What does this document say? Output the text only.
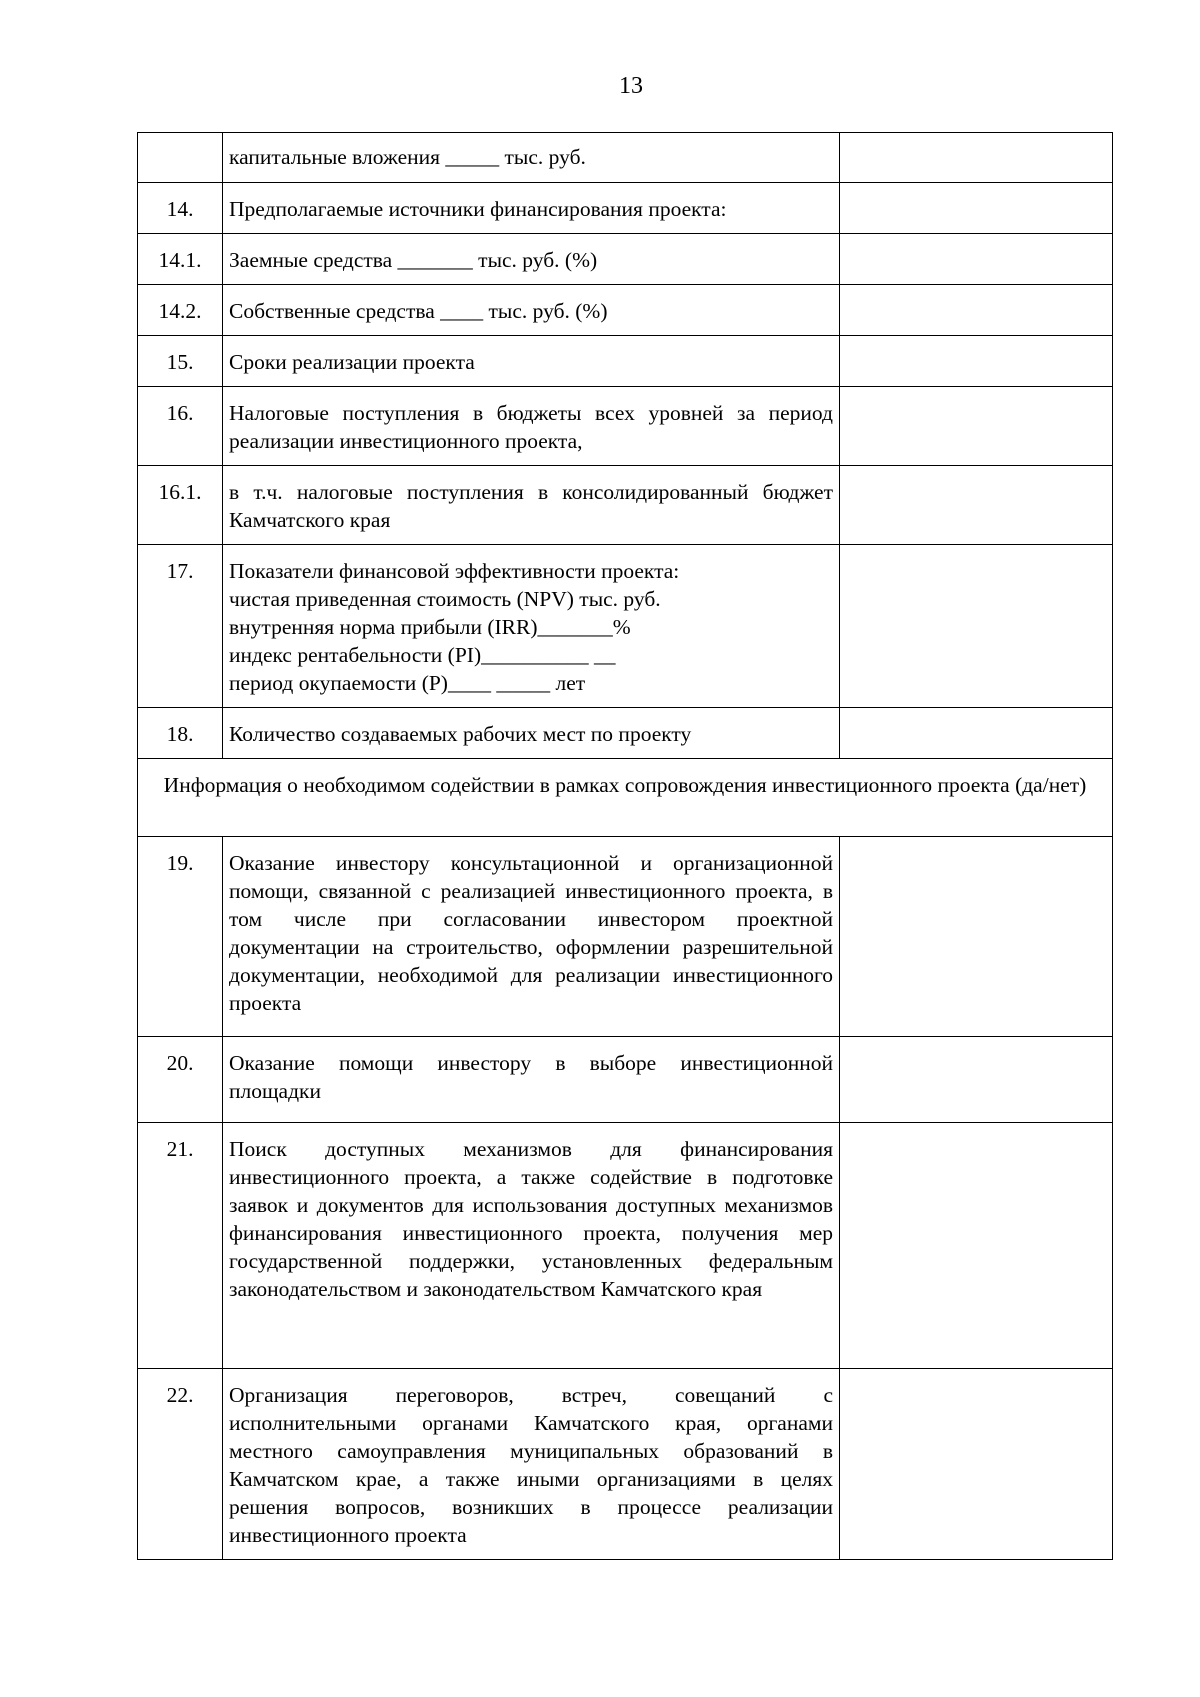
13
	капитальные вложения _____ тыс. руб.	
14.	Предполагаемые источники финансирования проекта:	
14.1.	Заемные средства _______ тыс. руб. (%)	
14.2.	Собственные средства ____ тыс. руб. (%)	
15.	Сроки реализации проекта	
16.	Налоговые поступления в бюджеты всех уровней за период реализации инвестиционного проекта,	
16.1.	в т.ч. налоговые поступления в консолидированный бюджет Камчатского края	
17.	Показатели финансовой эффективности проекта:
чистая приведенная стоимость (NPV) тыс. руб.
внутренняя норма прибыли (IRR)_______%
индекс рентабельности (PI)__________ __
период окупаемости (P)____ _____ лет	

18.	Количество создаваемых рабочих мест по проекту	
Информация о необходимом содействии в рамках сопровождения инвестиционного проекта (да/нет)		
19.	Оказание инвестору консультационной и организационной помощи, связанной с реализацией инвестиционного проекта, в том числе при согласовании инвестором проектной документации на строительство, оформлении разрешительной документации, необходимой для реализации инвестиционного проекта	
20.	Оказание помощи инвестору в выборе инвестиционной площадки	
21.	Поиск доступных механизмов для финансирования инвестиционного проекта, а также содействие в подготовке заявок и документов для использования доступных механизмов финансирования инвестиционного проекта, получения мер государственной поддержки, установленных федеральным законодательством и законодательством Камчатского края	
22.	Организация переговоров, встреч, совещаний с исполнительными органами Камчатского края, органами местного самоуправления муниципальных образований в Камчатском крае, а также иными организациями в целях решения вопросов, возникших в процессе реализации инвестиционного проекта	
